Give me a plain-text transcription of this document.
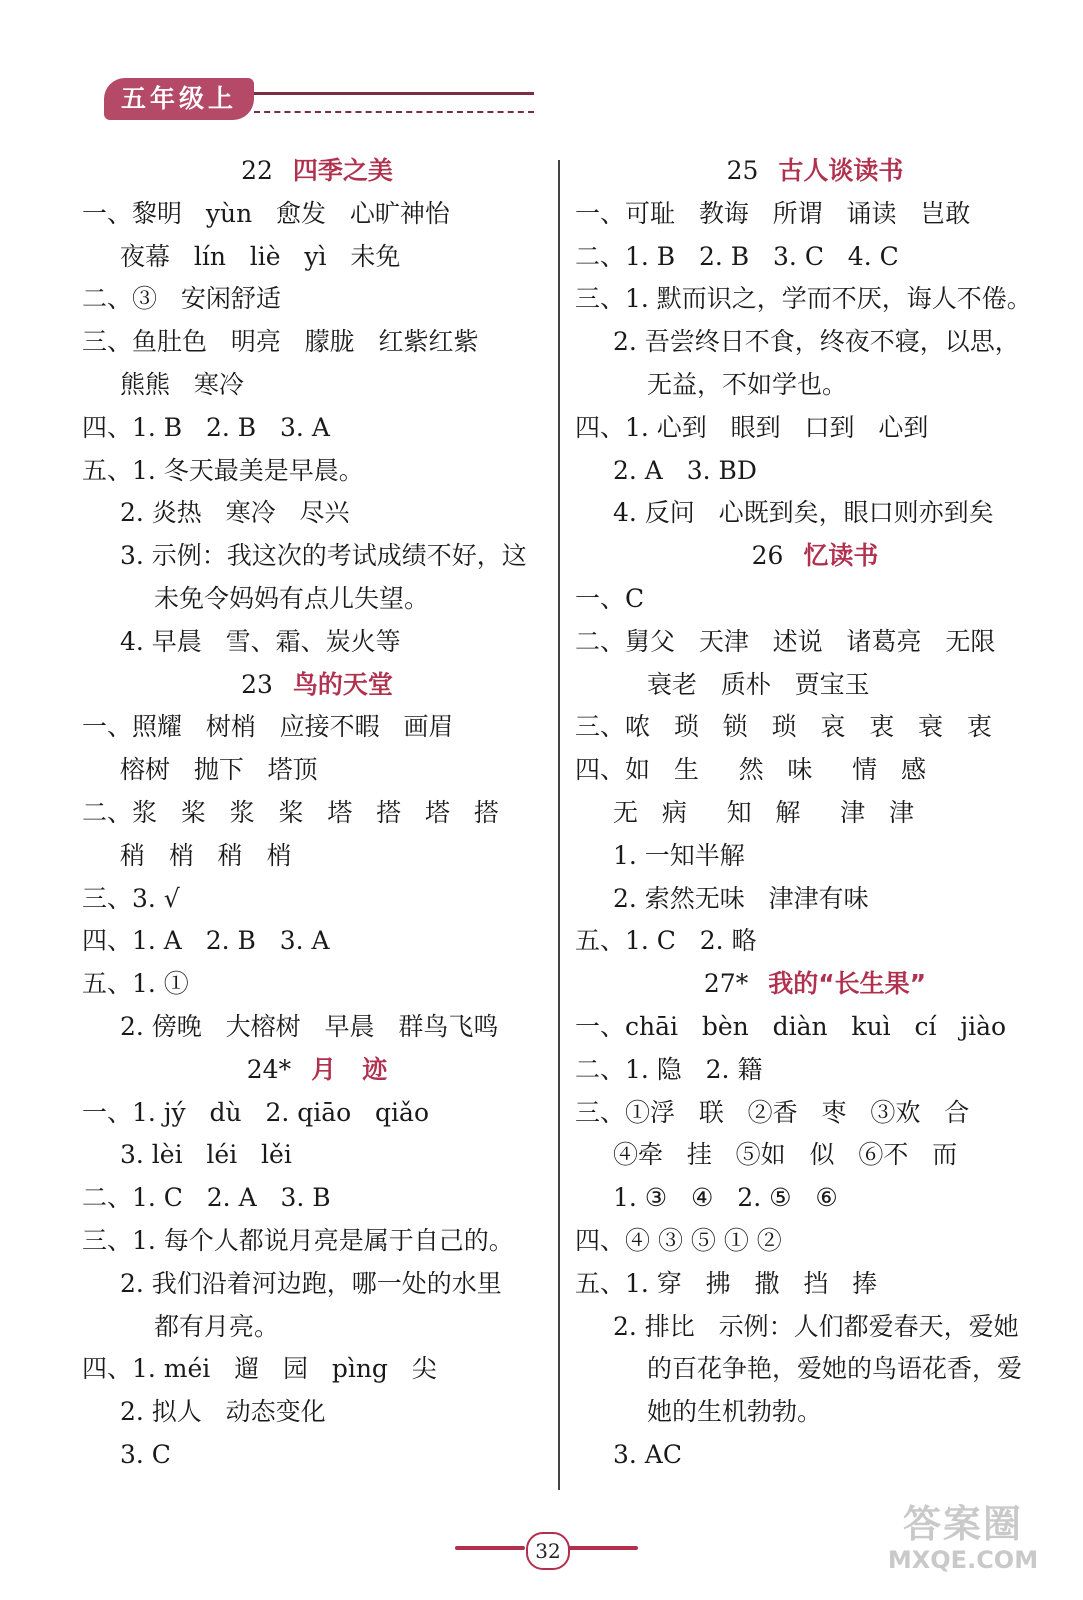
五年级上
22 四季之美
一、黎明   yùn   愈发   心旷神怡
夜幕   lín   liè   yì   未免
二、③   安闲舒适
三、鱼肚色   明亮   朦胧   红紫红紫
熊熊   寒冷
四、1. B   2. B   3. A
五、1. 冬天最美是早晨。
2. 炎热   寒冷   尽兴
3. 示例：我这次的考试成绩不好，这
未免令妈妈有点儿失望。
4. 早晨   雪、霜、炭火等
23 鸟的天堂
一、照耀   树梢   应接不暇   画眉
榕树   抛下   塔顶
二、浆   桨   浆   桨   塔   搭   塔   搭
稍   梢   稍   梢
三、3. √
四、1. A   2. B   3. A
五、1. ①
2. 傍晚   大榕树   早晨   群鸟飞鸣
24* 月   迹
一、1. jý   dù   2. qiāo   qiǎo
3. lèi   léi   lěi
二、1. C   2. A   3. B
三、1. 每个人都说月亮是属于自己的。
2. 我们沿着河边跑，哪一处的水里
都有月亮。
四、1. méi   遛   园   pìng   尖
2. 拟人   动态变化
3. C
25 古人谈读书
一、可耻   教诲   所谓   诵读   岂敢
二、1. B   2. B   3. C   4. C
三、1. 默而识之，学而不厌，诲人不倦。
2. 吾尝终日不食，终夜不寝，以思，
无益，不如学也。
四、1. 心到   眼到   口到   心到
2. A   3. BD
4. 反问   心既到矣，眼口则亦到矣
26 忆读书
一、C
二、舅父   天津   述说   诸葛亮   无限
衰老   质朴   贾宝玉
三、哝   琐   锁   琐   哀   衷   衰   衷
四、如   生     然   味     情   感
无   病     知   解     津   津
1. 一知半解
2. 索然无味   津津有味
五、1. C   2. 略
27* 我的“长生果”
一、chāi   bèn   diàn   kuì   cí   jiào
二、1. 隐   2. 籍
三、①浮   联   ②香   枣   ③欢   合
④牵   挂   ⑤如   似   ⑥不   而
1. ③   ④   2. ⑤   ⑥
四、④ ③ ⑤ ① ②
五、1. 穿   拂   撒   挡   捧
2. 排比   示例：人们都爱春天，爱她
的百花争艳，爱她的鸟语花香，爱
她的生机勃勃。
3. AC
32
答案圈
MXQE.COM
